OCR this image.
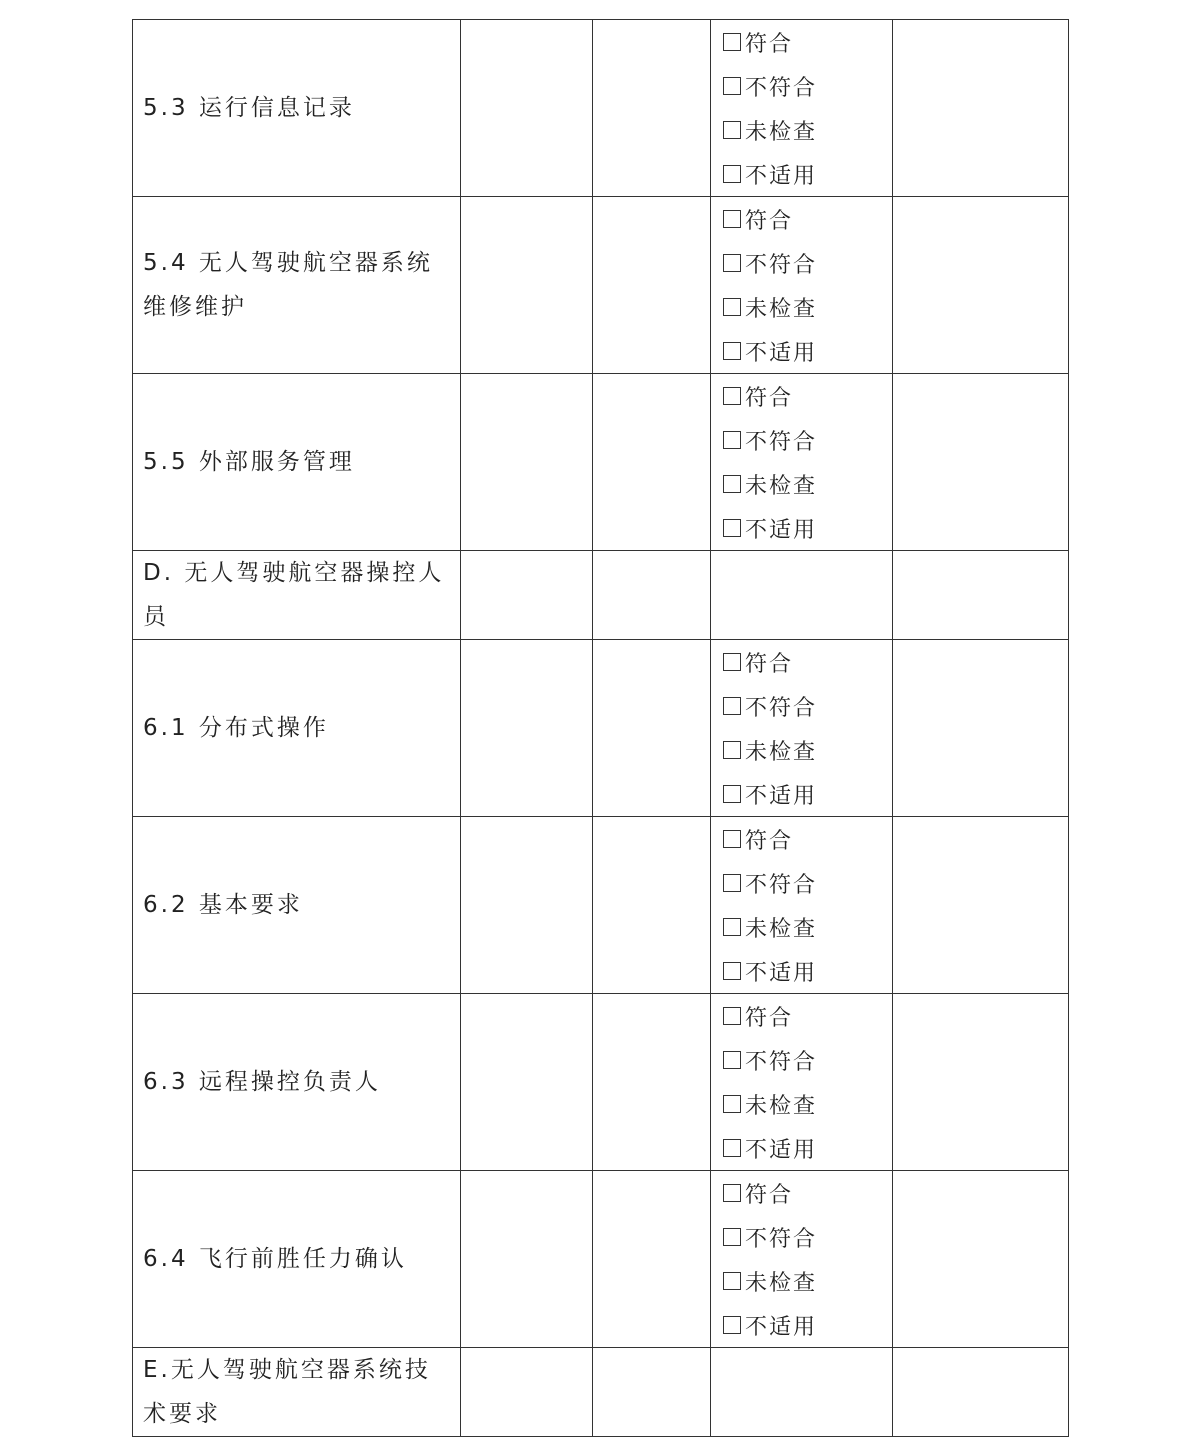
5.3 运行信息记录			符合
不符合
未检查
不适用	

5.4 无人驾驶航空器系统维修维护			符合
不符合
未检查
不适用	

5.5 外部服务管理			符合
不符合
未检查
不适用	

D. 无人驾驶航空器操控人员				

6.1 分布式操作			符合
不符合
未检查
不适用	

6.2 基本要求			符合
不符合
未检查
不适用	

6.3 远程操控负责人			符合
不符合
未检查
不适用	

6.4 飞行前胜任力确认			符合
不符合
未检查
不适用	

E.无人驾驶航空器系统技术要求				
